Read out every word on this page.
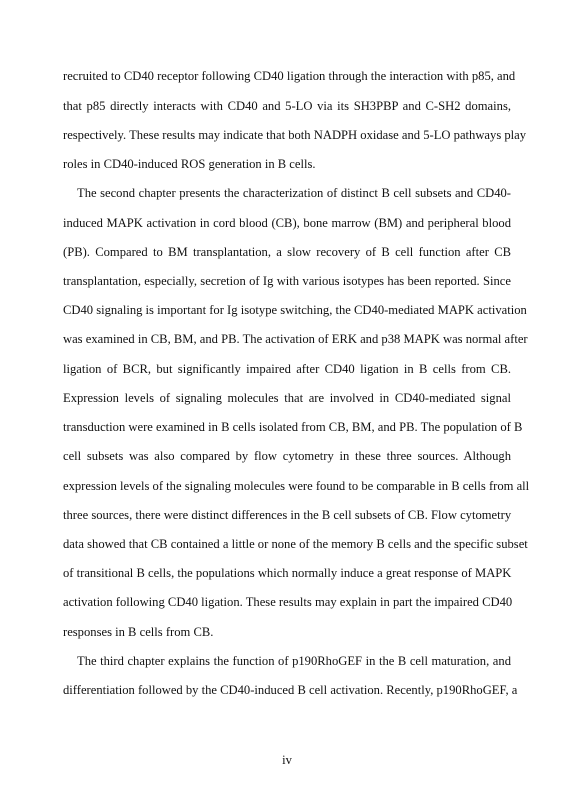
recruited to CD40 receptor following CD40 ligation through the interaction with p85, and
that p85 directly interacts with CD40 and 5-LO via its SH3PBP and C-SH2 domains,
respectively. These results may indicate that both NADPH oxidase and 5-LO pathways play
roles in CD40-induced ROS generation in B cells.
The second chapter presents the characterization of distinct B cell subsets and CD40-
induced MAPK activation in cord blood (CB), bone marrow (BM) and peripheral blood
(PB). Compared to BM transplantation, a slow recovery of B cell function after CB
transplantation, especially, secretion of Ig with various isotypes has been reported. Since
CD40 signaling is important for Ig isotype switching, the CD40-mediated MAPK activation
was examined in CB, BM, and PB. The activation of ERK and p38 MAPK was normal after
ligation of BCR, but significantly impaired after CD40 ligation in B cells from CB.
Expression levels of signaling molecules that are involved in CD40-mediated signal
transduction were examined in B cells isolated from CB, BM, and PB. The population of B
cell subsets was also compared by flow cytometry in these three sources. Although
expression levels of the signaling molecules were found to be comparable in B cells from all
three sources, there were distinct differences in the B cell subsets of CB. Flow cytometry
data showed that CB contained a little or none of the memory B cells and the specific subset
of transitional B cells, the populations which normally induce a great response of MAPK
activation following CD40 ligation. These results may explain in part the impaired CD40
responses in B cells from CB.
The third chapter explains the function of p190RhoGEF in the B cell maturation, and
differentiation followed by the CD40-induced B cell activation. Recently, p190RhoGEF, a
iv
